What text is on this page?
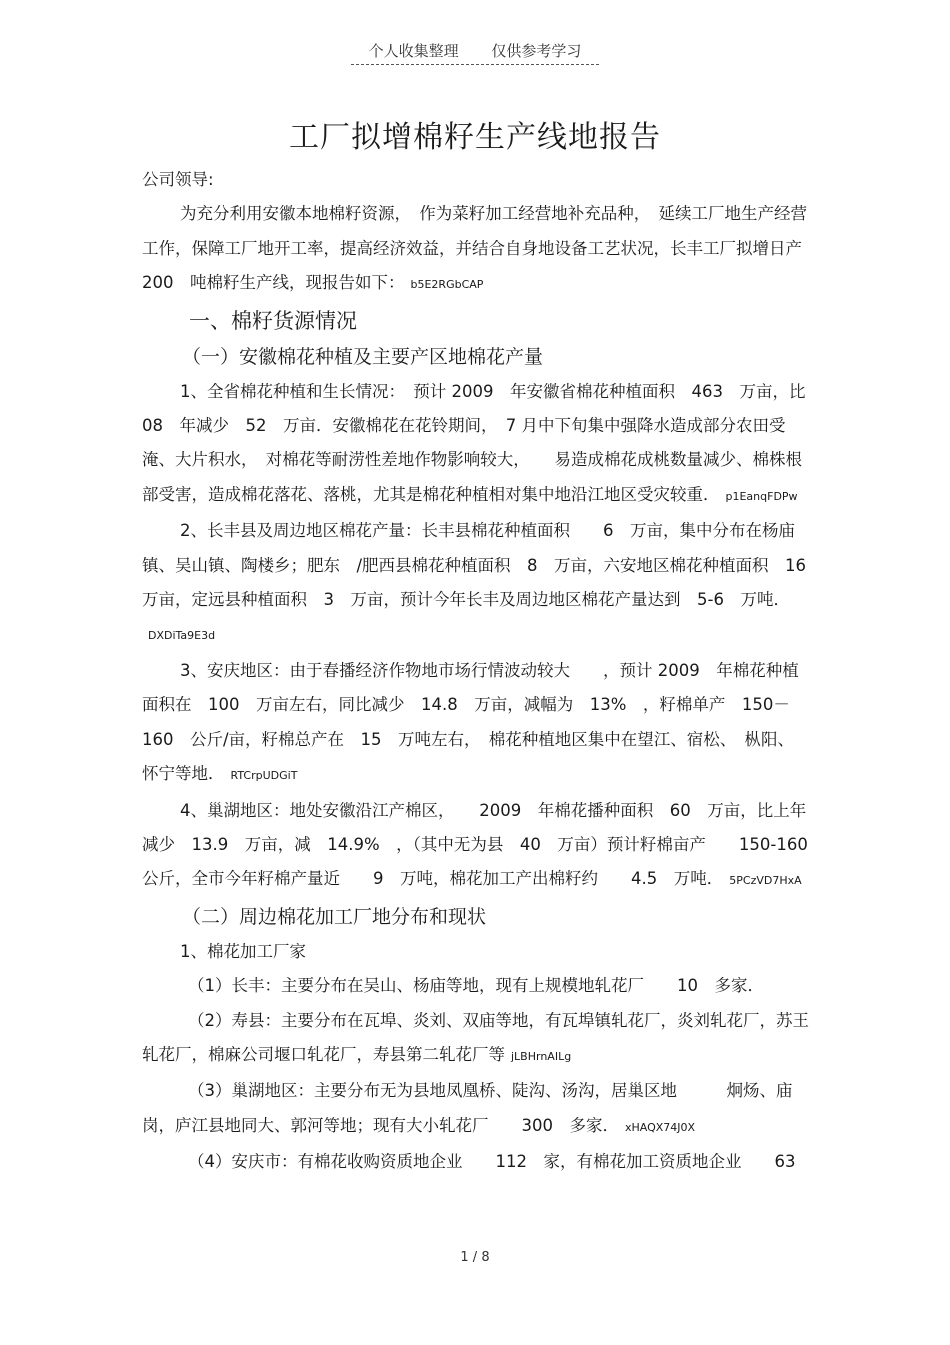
个人收集整理 仅供参考学习
工厂拟增棉籽生产线地报告

公司领导:

为充分利用安徽本地棉籽资源，　作为菜籽加工经营地补充品种，　延续工厂地生产经营工作，保障工厂地开工率，提高经济效益，并结合自身地设备工艺状况，长丰工厂拟增日产　200　吨棉籽生产线，现报告如下： b5E2RGbCAP

一、棉籽货源情况

（一）安徽棉花种植及主要产区地棉花产量

1、全省棉花种植和生长情况：　预计 2009　年安徽省棉花种植面积　463　万亩，比 08　年减少　52　万亩．安徽棉花在花铃期间，　7 月中下旬集中强降水造成部分农田受淹、大片积水，　对棉花等耐涝性差地作物影响较大，　　易造成棉花成桃数量减少、棉株根部受害，造成棉花落花、落桃，尤其是棉花种植相对集中地沿江地区受灾较重． p1EanqFDPw

2、长丰县及周边地区棉花产量：长丰县棉花种植面积　　6　万亩，集中分布在杨庙镇、吴山镇、陶楼乡；肥东　/肥西县棉花种植面积　8　万亩，六安地区棉花种植面积　16　万亩，定远县种植面积　3　万亩，预计今年长丰及周边地区棉花产量达到　5-6　万吨．DXDiTa9E3d

3、安庆地区：由于春播经济作物地市场行情波动较大　　，预计 2009　年棉花种植面积在　100　万亩左右，同比减少　14.8　万亩，减幅为　13%　，籽棉单产　150－160　公斤/亩，籽棉总产在　15　万吨左右，　棉花种植地区集中在望江、宿松、　枞阳、怀宁等地． RTCrpUDGiT

4、巢湖地区：地处安徽沿江产棉区，　　2009　年棉花播种面积　60　万亩，比上年减少　13.9　万亩，减　14.9%　，（其中无为县　40　万亩）预计籽棉亩产　　150-160 公斤，全市今年籽棉产量近　　9　万吨，棉花加工产出棉籽约　　4.5　万吨． 5PCzVD7HxA

（二）周边棉花加工厂地分布和现状

1、棉花加工厂家

（1）长丰：主要分布在吴山、杨庙等地，现有上规模地轧花厂　　10　多家．

（2）寿县：主要分布在瓦埠、炎刘、双庙等地，有瓦埠镇轧花厂，炎刘轧花厂，苏王轧花厂，棉麻公司堰口轧花厂，寿县第二轧花厂等 jLBHrnAILg

（3）巢湖地区：主要分布无为县地凤凰桥、陡沟、汤沟，居巢区地　　　炯炀、庙岗，庐江县地同大、郭河等地；现有大小轧花厂　　300　多家． xHAQX74J0X

（4）安庆市：有棉花收购资质地企业　　112　家，有棉花加工资质地企业　　63

1 / 8
